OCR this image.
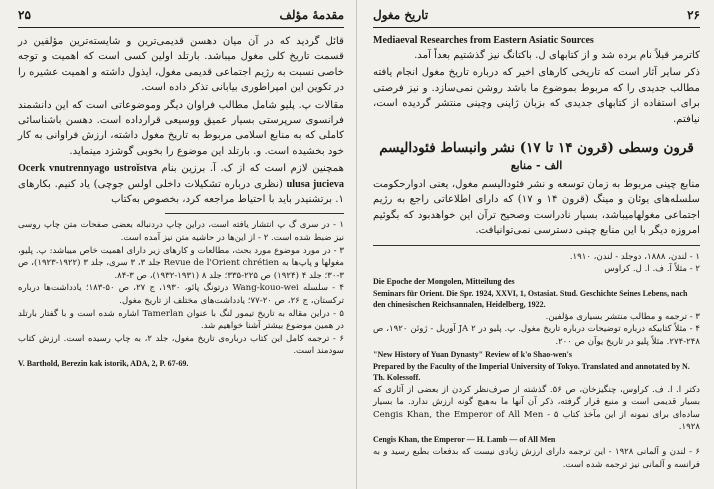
مقدمهٔ مؤلف
۲۵

قائل گردید که در آن میان دهسن قدیمی‌ترین و شایسته‌ترین مؤلفین در قسمت تاریخ کلی مغول میباشد. بارتلد اولین کسی است که اهمیت و توجه خاصی نسبت به رژیم اجتماعی قدیمی مغول، ایذول داشته و اهمیت عشیره را در تکوین این امپراطوری بیابانی تذکر داده است.

مقالات پ. پلیو شامل مطالب فراوان دیگر وموضوعاتی است که این دانشمند فرانسوی سرپرستی بسیار عمیق ووسیعی قرارداده است. دهسن باشناسائی کاملی که به منابع اسلامی مربوط به تاریخ مغول داشته، ارزش فراوانی به کار خود بخشیده است. و. بارتلد این موضوع را بخوبی گوشزد مینماید.

همچنین لازم است که از ک. آ. برزین بنام Ocerk vnutrennyago ustroĭstva ulusa jucieva (نظری درباره تشکیلات داخلی اولس جوچی) یاد کنیم. بکارهای ۱. برتشنیدر باید با احتیاط مراجعه کرد، بخصوص به‌کتاب

۱ - در سری گ پ انتشار یافته است، دراین چاپ دردنباله بعضی صفحات متن چاپ روسی نیز ضبط شده است. ۲ - از این‌ها در حاشیه متن نیز آمده است.

۳ - در مورد موضوع مورد بحث، مطالعات و کارهای زیر دارای اهمیت خاص میباشد: پ. پلیو، مغولها و پاپ‌ها به Revue de l'Orient chrétien جلد ۳، ۳ سری، جلد ۳ (۱۹۲۲-۱۹۲۳)، ص ۳-۳۰؛ جلد ۴ (۱۹۲۴) ص ۲۲۵-۳۳۵؛ جلد ۸ (۱۹۳۱-۱۹۳۲)، ص ۳-۸۴.

۴ - سلسله Wang-kouo-wei درتونگ پائو، ۱۹۳۰، ج ۲۷، ص ۵۰-۱۸۳؛ یادداشت‌ها درباره ترکستان، ج ۲۶، ص ۲۰-۷۷؛ یادداشت‌های مختلف از تاریخ مغول.

۵ - دراین مقاله به تاریخ تیمور لنگ با عنوان Tamerlan اشاره شده است و با گفتار بارتلد در همین موضوع بیشتر آشنا خواهیم شد.

۶ - ترجمه کامل این کتاب درباره‌ی تاریخ مغول، جلد ۲، به چاپ رسیده است. ارزش کتاب سودمند است.

V. Barthold, Berezin kak istorik, ADA, 2, P. 67-69.

۲۶
تاریخ مغول

Mediaeval Researches from Eastern Asiatic Sources

کاترمر قبلاً نام برده شد و از کتابهای ل. باکتانگ نیز گذشتیم بعداً آمد.

ذکر سایر آثار است که تاریخی کارهای اخیر که درباره تاریخ مغول انجام یافته مطالب جدیدی را که مربوط بموضوع ما باشد روشن نمی‌سازد. و نیز فرصتی برای استفاده از کتابهای جدیدی که بزبان ژاپنی وچینی منتشر گردیده است، نیافتم.

قرون وسطی (قرون ۱۴ تا ۱۷) نشر وانبساط فئودالیسم
الف - منابع

منابع چینی مربوط به زمان توسعه و نشر فئودالیسم مغول، یعنی ادوارحکومت سلسله‌های یوئان و مینگ (قرون ۱۴ و ۱۷) که دارای اطلاعاتی راجع به رژیم اجتماعی مغولهامیباشد، بسیار نادراست وصحیح ترآن این خواهدبود که بگوئیم امروزه دیگر با این منابع چینی دسترسی نمی‌توانیافت.

۱ - لندن، ۱۸۸۸، دوجلد - لندن، ۱۹۱۰.

۲ - مثلاً آ. ف. ا. ل. کراوس

Die Epoche der Mongolen, Mitteilung des

Seminars für Orient. Die Spr. 1924, XXVI, 1, Ostasiat. Stud. Geschichte Seines Lebens, nach den chinesischen Reichsannalen, Heidelberg, 1922.

۳ - ترجمه و مطالب منتشر بسیاری مؤلفین.

۴ - مثلاً کتابیکه درباره توضیحات درباره تاریخ مغول. پ. پلیو در JA ۲ آوریل - ژوئن ۱۹۲۰، ص ۲۴۸-۲۷۴. مثلاً پلیو در تاریخ یوآن ص ۲۰۰.

"New History of Yuan Dynasty" Review of k'o Shao-wen's

Prepared by the Faculty of the Imperial University of Tokyo. Translated and annotated by N. Th. Kolessoff.

دکتر ا. ا. ف. کراوس، چنگیزخان، ص ۵۶. گذشته از صرف‌نظر کردن از بعضی از آثاری که بسیار قدیمی است و منبع قرار گرفته، ذکر آن آنها ما به‌هیچ گونه ارزش‌ ندارد. ما بسیار ساده‌ای برای نمونه از این مآخذ کتاب ۵ - Cengis Khan, the Emperor of All Men ۱۹۲۸.

Cengis Khan, the Emperor — H. Lamb — of All Men

۶ - لندن و آلمانی ۱۹۲۸ - این ترجمه دارای ارزش زیادی نیست که بدفعات بطبع رسید و به فرانسه و آلمانی نیز ترجمه شده است.
